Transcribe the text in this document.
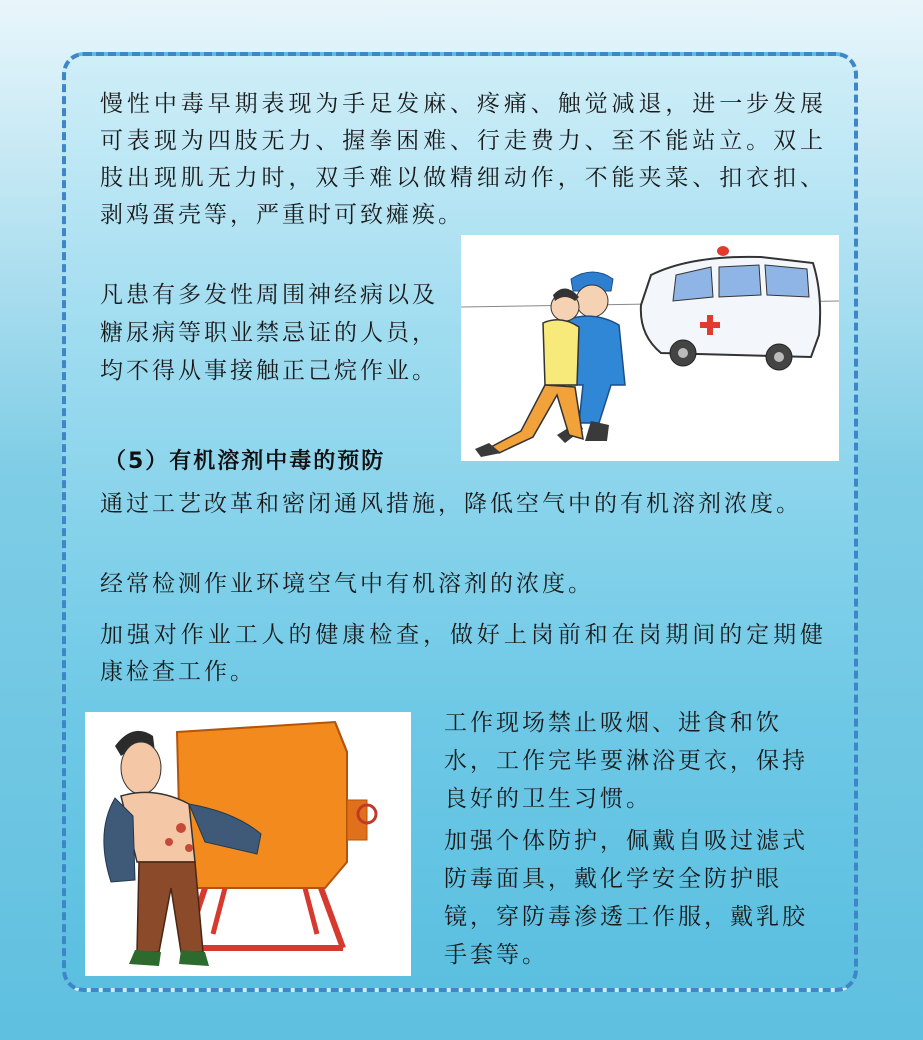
慢性中毒早期表现为手足发麻、疼痛、触觉减退，进一步发展可表现为四肢无力、握拳困难、行走费力、至不能站立。双上肢出现肌无力时，双手难以做精细动作，不能夹菜、扣衣扣、剥鸡蛋壳等，严重时可致瘫痪。

凡患有多发性周围神经病以及糖尿病等职业禁忌证的人员，均不得从事接触正己烷作业。

（5）有机溶剂中毒的预防

通过工艺改革和密闭通风措施，降低空气中的有机溶剂浓度。

经常检测作业环境空气中有机溶剂的浓度。

加强对作业工人的健康检查，做好上岗前和在岗期间的定期健康检查工作。

工作现场禁止吸烟、进食和饮水，工作完毕要淋浴更衣，保持良好的卫生习惯。

加强个体防护，佩戴自吸过滤式防毒面具，戴化学安全防护眼镜，穿防毒渗透工作服，戴乳胶手套等。
